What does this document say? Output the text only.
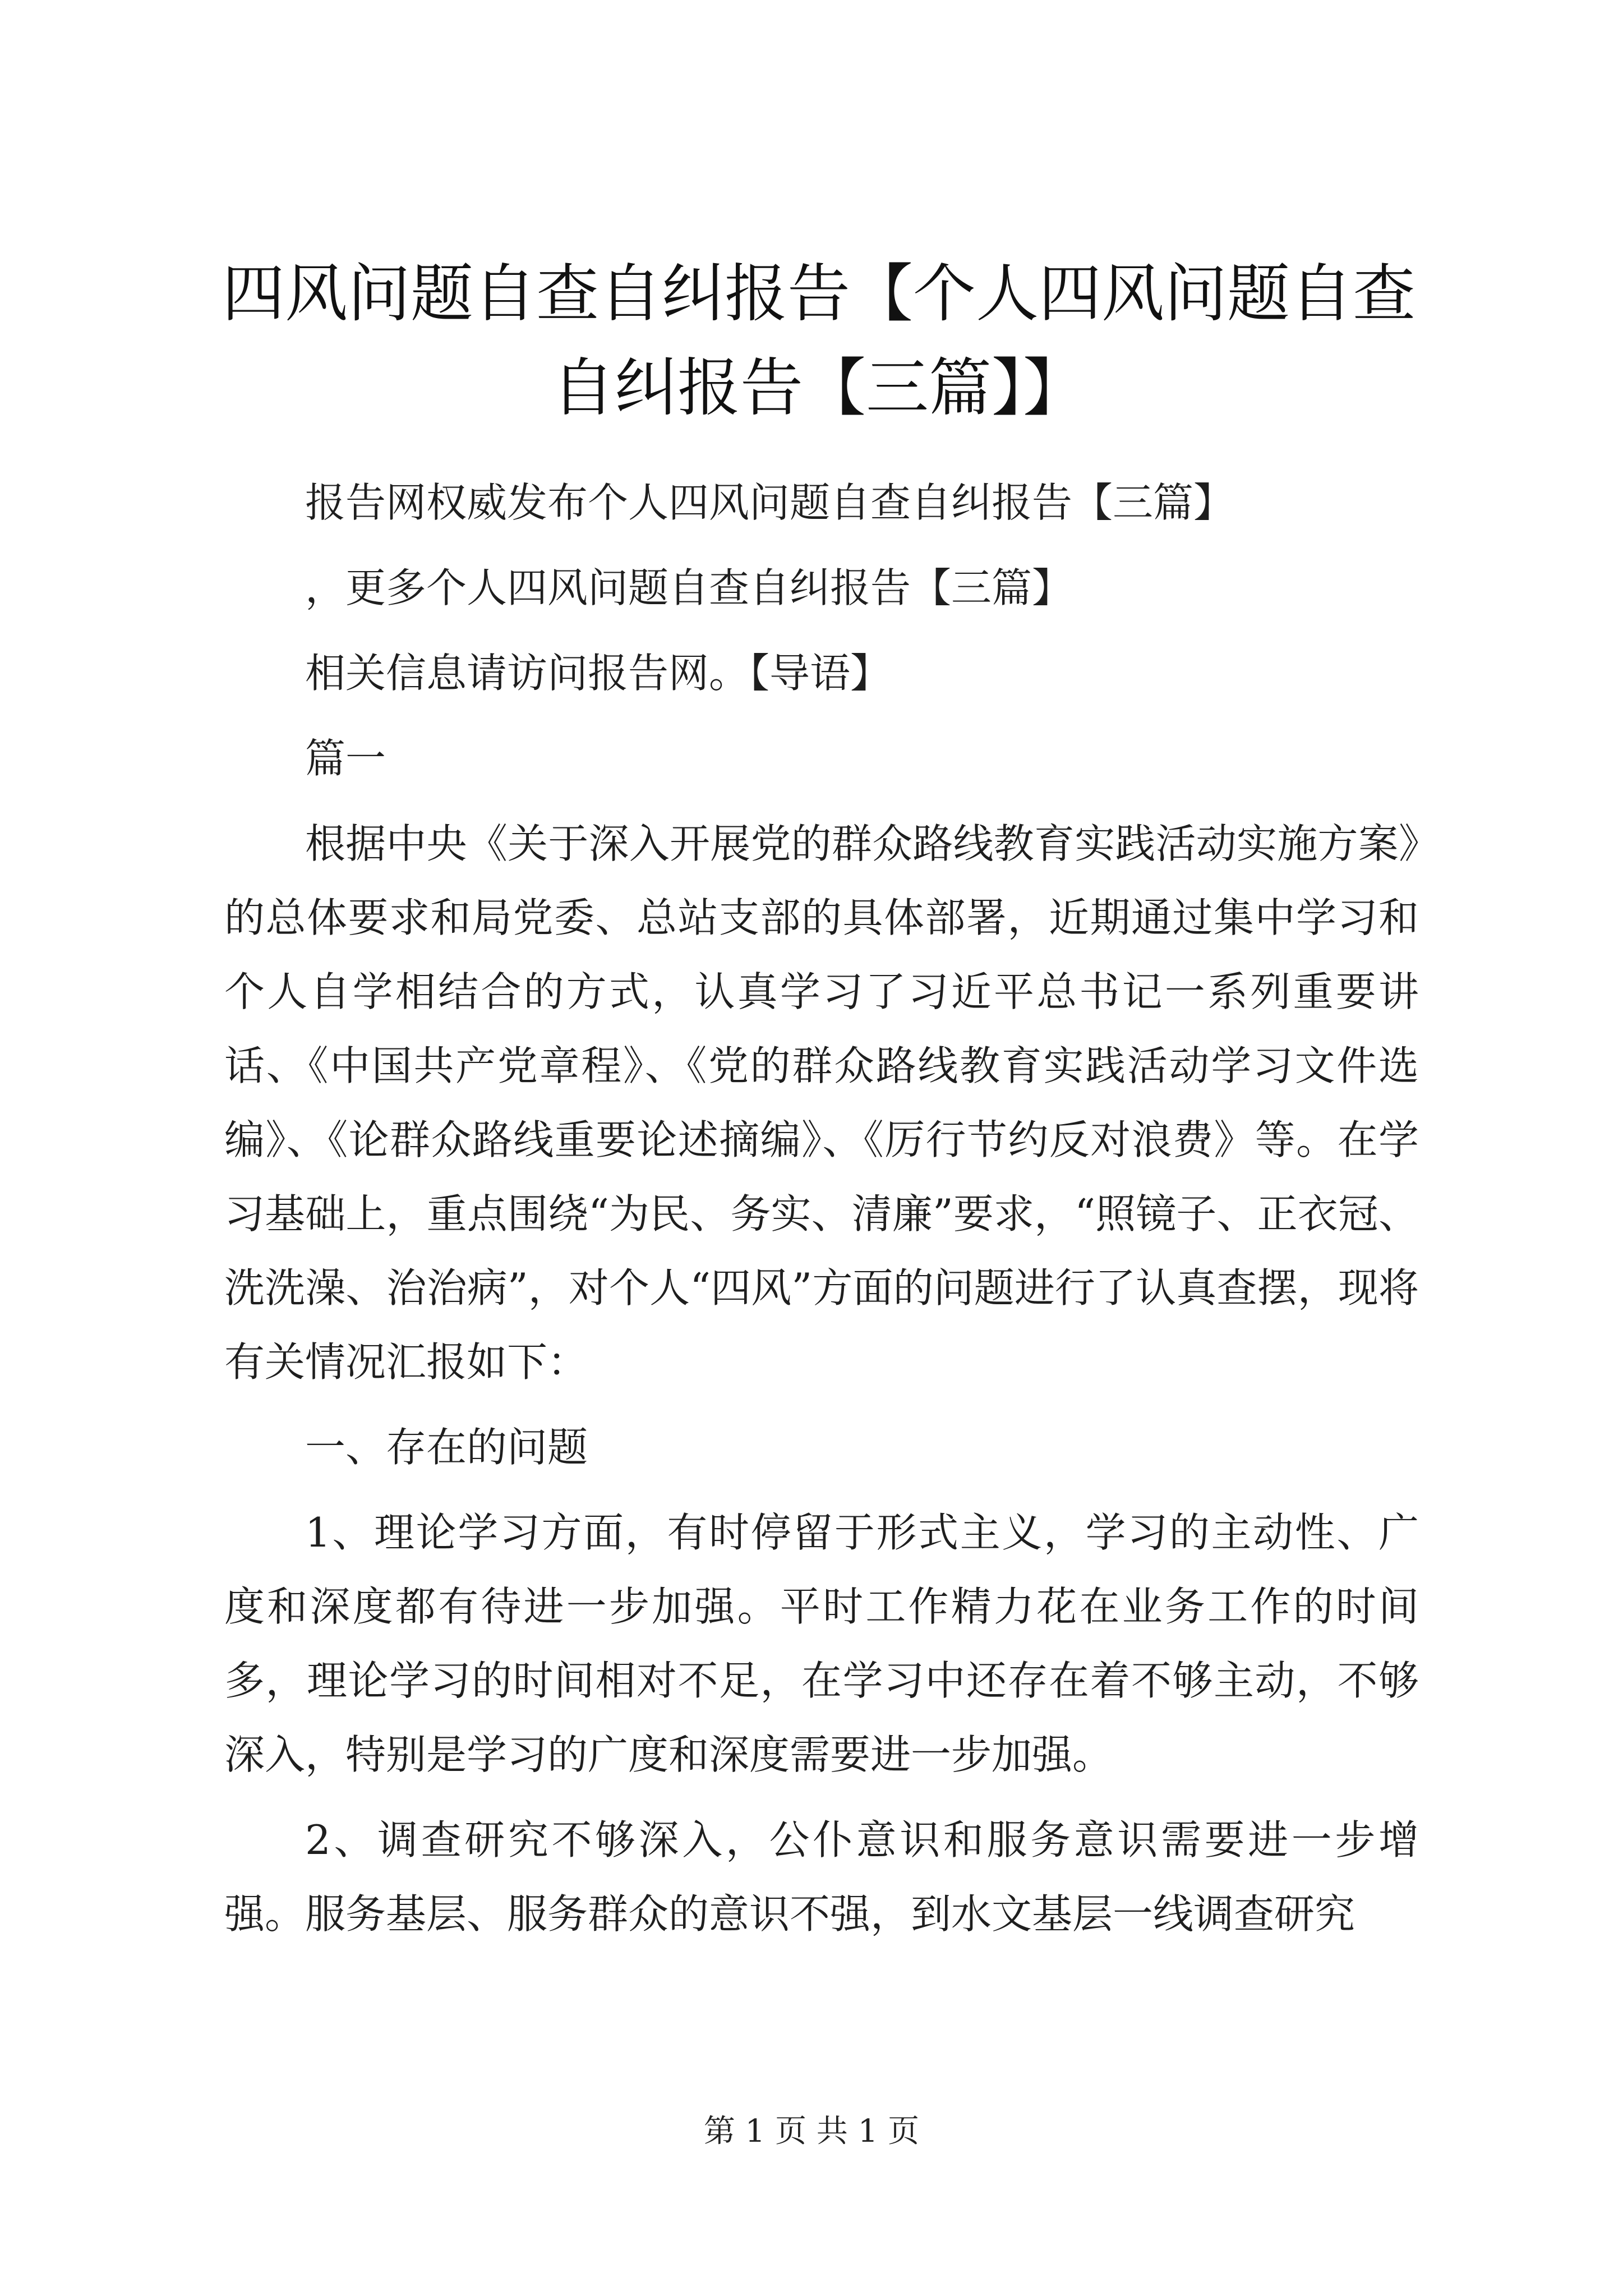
四风问题自查自纠报告【个人四风问题自查自纠报告【三篇】】

报告网权威发布个人四风问题自查自纠报告【三篇】

，更多个人四风问题自查自纠报告【三篇】

相关信息请访问报告网。【导语】

篇一

根据中央《关于深入开展党的群众路线教育实践活动实施方案》的总体要求和局党委、总站支部的具体部署，近期通过集中学习和个人自学相结合的方式，认真学习了习近平总书记一系列重要讲话、《中国共产党章程》、《党的群众路线教育实践活动学习文件选编》、《论群众路线重要论述摘编》、《厉行节约反对浪费》等。在学习基础上，重点围绕“为民、务实、清廉”要求，“照镜子、正衣冠、洗洗澡、治治病”，对个人“四风”方面的问题进行了认真查摆，现将有关情况汇报如下：

一、存在的问题

1、理论学习方面，有时停留于形式主义，学习的主动性、广度和深度都有待进一步加强。平时工作精力花在业务工作的时间多，理论学习的时间相对不足，在学习中还存在着不够主动，不够深入，特别是学习的广度和深度需要进一步加强。

2、调查研究不够深入，公仆意识和服务意识需要进一步增强。服务基层、服务群众的意识不强，到水文基层一线调查研究

第 1 页 共 1 页
